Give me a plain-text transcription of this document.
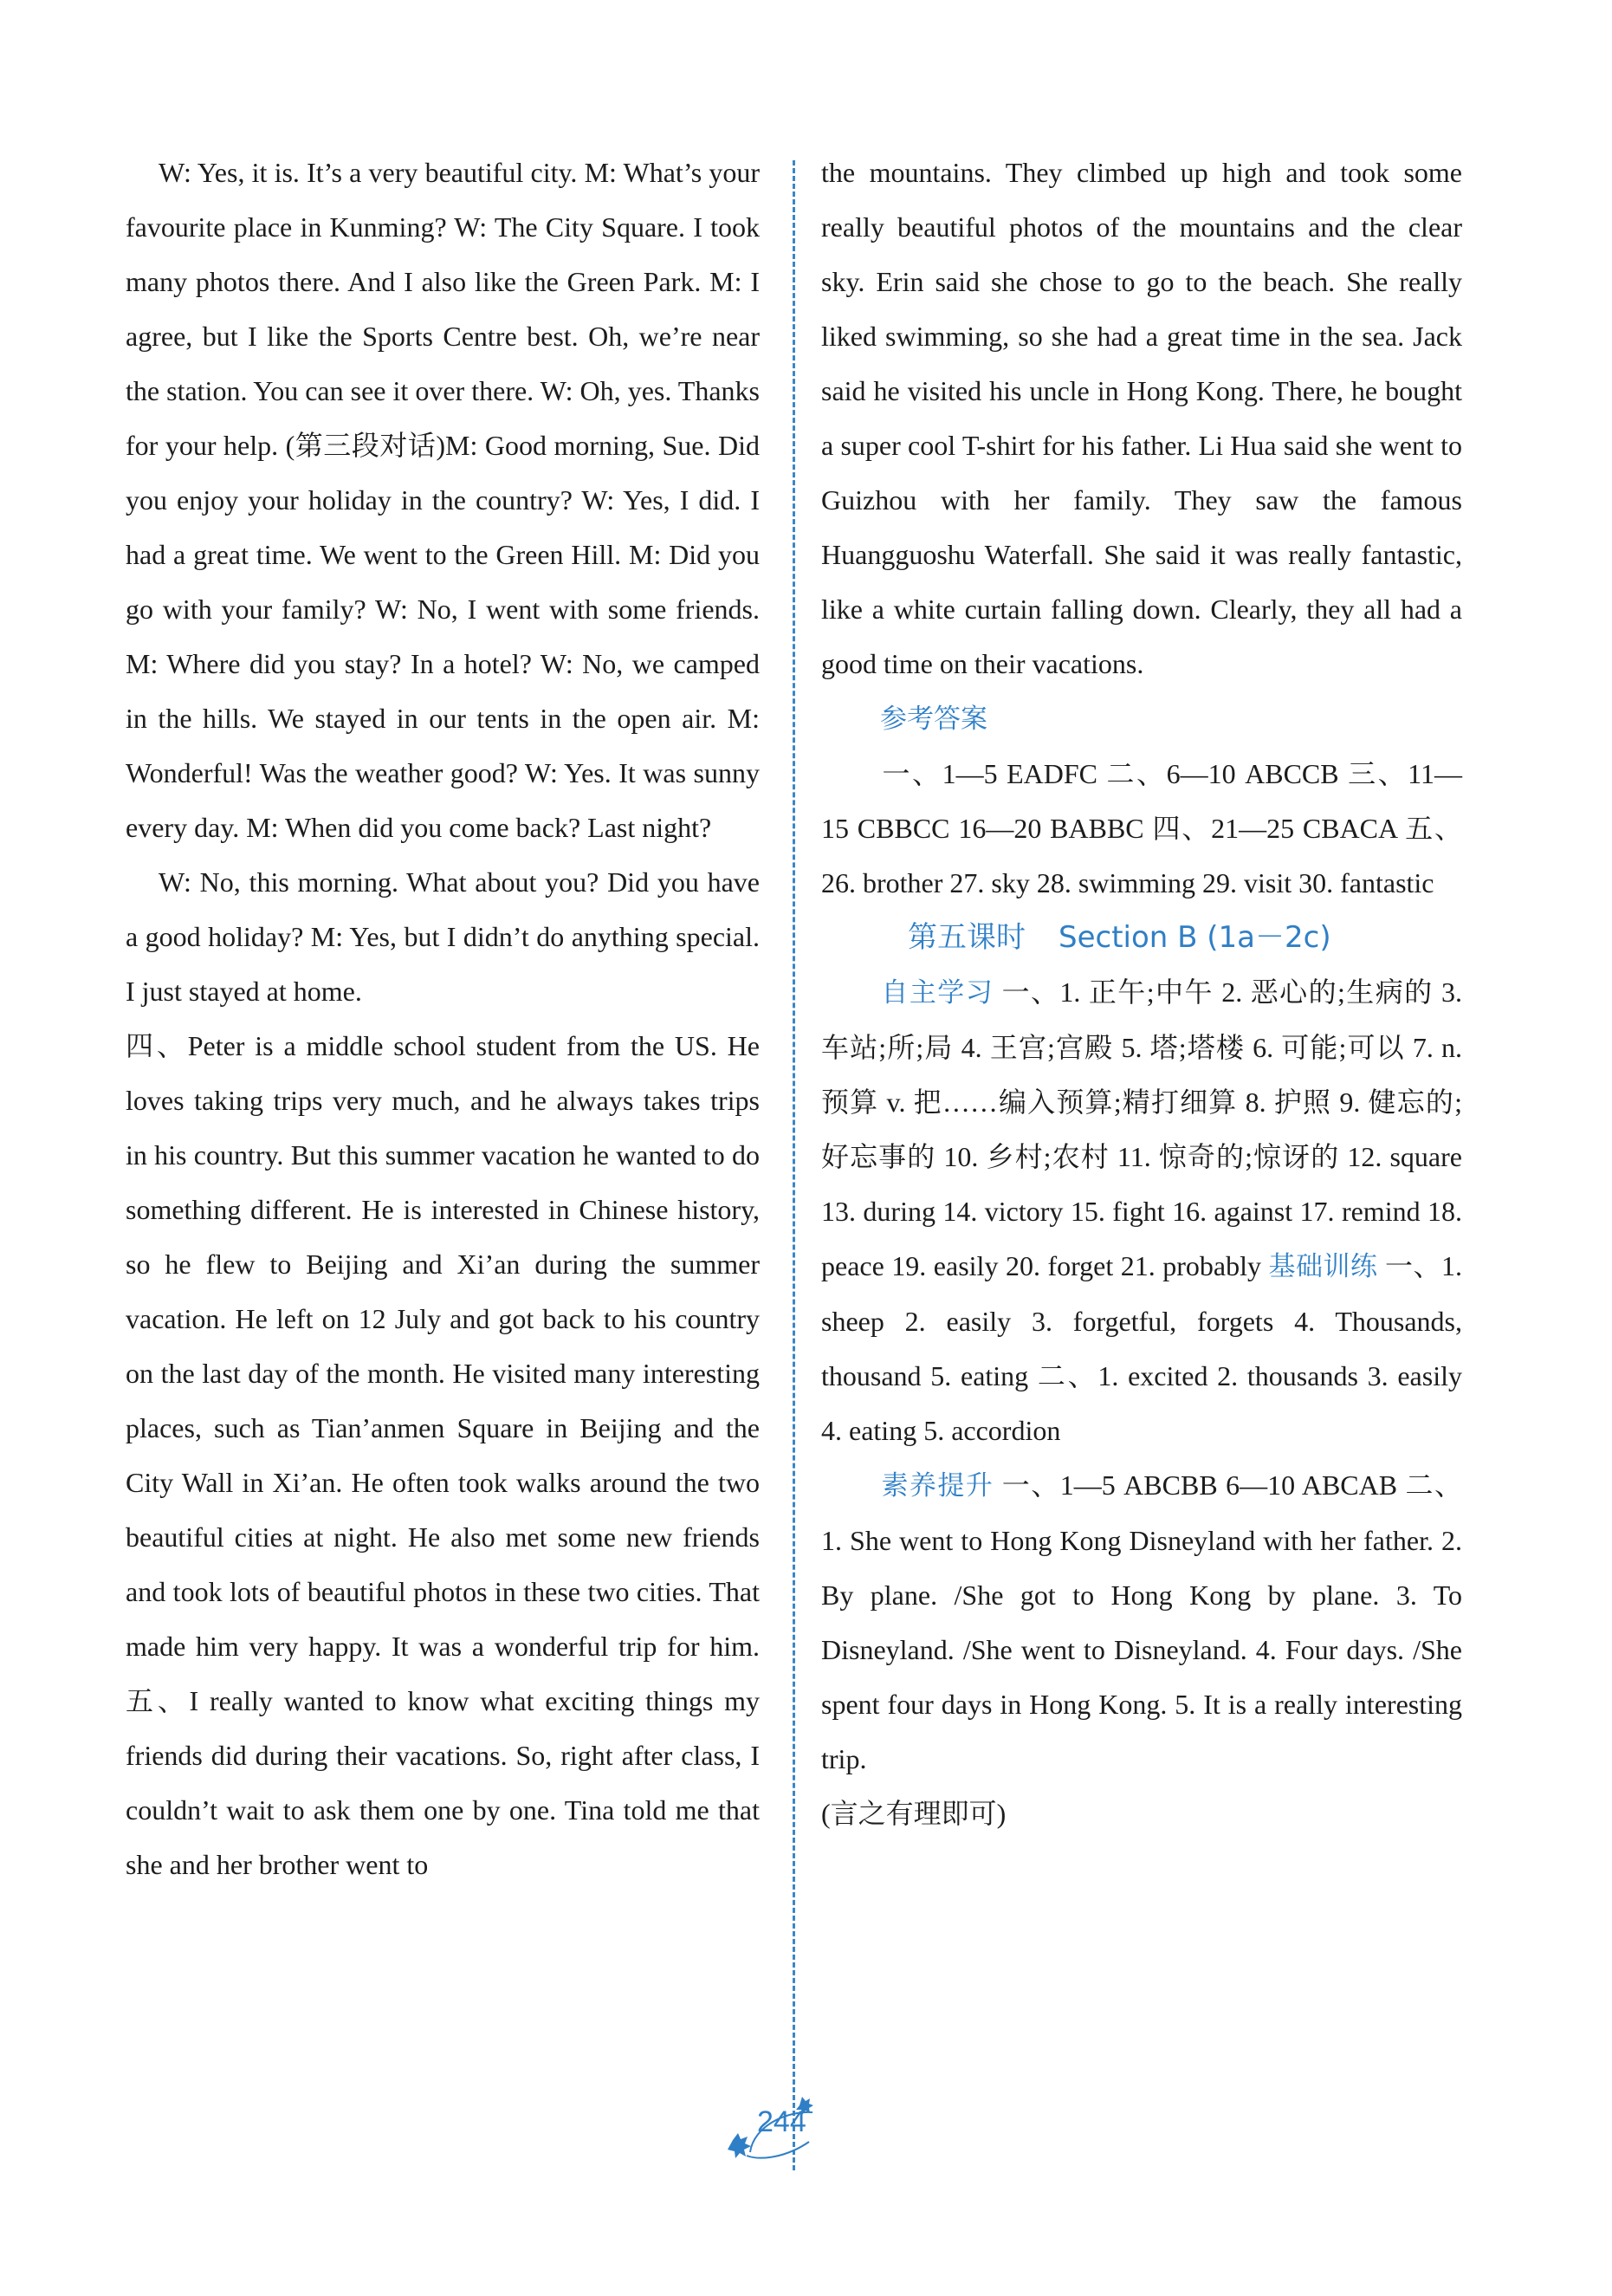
W: Yes, it is. It’s a very beautiful city. M: What’s your favourite place in Kunming? W: The City Square. I took many photos there. And I also like the Green Park. M: I agree, but I like the Sports Centre best. Oh, we’re near the station. You can see it over there. W: Oh, yes. Thanks for your help. (第三段对话)M: Good morning, Sue. Did you enjoy your holiday in the country? W: Yes, I did. I had a great time. We went to the Green Hill. M: Did you go with your family? W: No, I went with some friends. M: Where did you stay? In a hotel? W: No, we camped in the hills. We stayed in our tents in the open air. M: Wonderful! Was the weather good? W: Yes. It was sunny every day. M: When did you come back? Last night?

W: No, this morning. What about you? Did you have a good holiday? M: Yes, but I didn’t do anything special. I just stayed at home.

四、Peter is a middle school student from the US. He loves taking trips very much, and he always takes trips in his country. But this summer vacation he wanted to do something different. He is interested in Chinese history, so he flew to Beijing and Xi’an during the summer vacation. He left on 12 July and got back to his country on the last day of the month. He visited many interesting places, such as Tian’anmen Square in Beijing and the City Wall in Xi’an. He often took walks around the two beautiful cities at night. He also met some new friends and took lots of beautiful photos in these two cities. That made him very happy. It was a wonderful trip for him. 五、I really wanted to know what exciting things my friends did during their vacations. So, right after class, I couldn’t wait to ask them one by one. Tina told me that she and her brother went to

the mountains. They climbed up high and took some really beautiful photos of the mountains and the clear sky. Erin said she chose to go to the beach. She really liked swimming, so she had a great time in the sea. Jack said he visited his uncle in Hong Kong. There, he bought a super cool T-shirt for his father. Li Hua said she went to Guizhou with her family. They saw the famous Huangguoshu Waterfall. She said it was really fantastic, like a white curtain falling down. Clearly, they all had a good time on their vacations.

参考答案

一、1—5 EADFC 二、6—10 ABCCB 三、11—15 CBBCC 16—20 BABBC 四、21—25 CBACA 五、26. brother 27. sky 28. swimming 29. visit 30. fantastic

第五课时 Section B (1a－2c)

自主学习 一、1. 正午;中午 2. 恶心的;生病的 3. 车站;所;局 4. 王宫;宫殿 5. 塔;塔楼 6. 可能;可以 7. n. 预算 v. 把……编入预算;精打细算 8. 护照 9. 健忘的;好忘事的 10. 乡村;农村 11. 惊奇的;惊讶的 12. square 13. during 14. victory 15. fight 16. against 17. remind 18. peace 19. easily 20. forget 21. probably 基础训练 一、1. sheep 2. easily 3. forgetful, forgets 4. Thousands, thousand 5. eating 二、1. excited 2. thousands 3. easily 4. eating 5. accordion

素养提升 一、1—5 ABCBB 6—10 ABCAB 二、1. She went to Hong Kong Disneyland with her father. 2. By plane. /She got to Hong Kong by plane. 3. To Disneyland. /She went to Disneyland. 4. Four days. /She spent four days in Hong Kong. 5. It is a really interesting trip.

(言之有理即可)

244
